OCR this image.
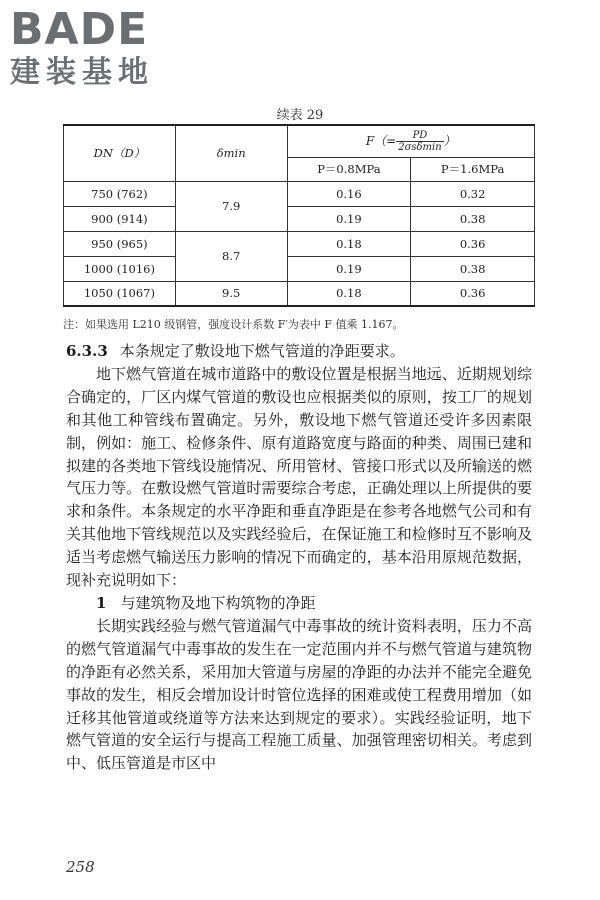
BADE
建装基地
续表 29
DN（D）	δmin	$F(= \frac{PD}{\text{2σsδmin}}$ ）	
		P＝0.8MPa	P＝1.6MPa
750 (762)	7.9	0.16	0.32
900 (914)		0.19	0.38
950 (965)	8.7	0.18	0.36
1000 (1016)		0.19	0.38
1050 (1067)	9.5	0.18	0.36
注：如果选用 L210 级钢管，强度设计系数 F′为表中 F 值乘 1.167。

6.3.3 本条规定了敷设地下燃气管道的净距要求。

地下燃气管道在城市道路中的敷设位置是根据当地远、近期规划综合确定的，厂区内煤气管道的敷设也应根据类似的原则，按工厂的规划和其他工种管线布置确定。另外，敷设地下燃气管道还受许多因素限制，例如：施工、检修条件、原有道路宽度与路面的种类、周围已建和拟建的各类地下管线设施情况、所用管材、管接口形式以及所输送的燃气压力等。在敷设燃气管道时需要综合考虑，正确处理以上所提供的要求和条件。本条规定的水平净距和垂直净距是在参考各地燃气公司和有关其他地下管线规范以及实践经验后，在保证施工和检修时互不影响及适当考虑燃气输送压力影响的情况下而确定的，基本沿用原规范数据，现补充说明如下：

1 与建筑物及地下构筑物的净距

长期实践经验与燃气管道漏气中毒事故的统计资料表明，压力不高的燃气管道漏气中毒事故的发生在一定范围内并不与燃气管道与建筑物的净距有必然关系，采用加大管道与房屋的净距的办法并不能完全避免事故的发生，相反会增加设计时管位选择的困难或使工程费用增加（如迁移其他管道或绕道等方法来达到规定的要求）。实践经验证明，地下燃气管道的安全运行与提高工程施工质量、加强管理密切相关。考虑到中、低压管道是市区中

258
